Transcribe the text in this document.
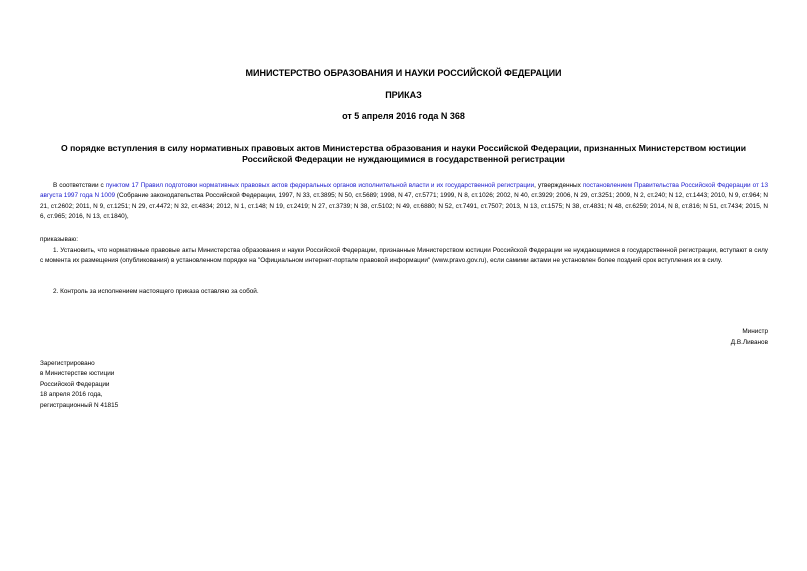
МИНИСТЕРСТВО ОБРАЗОВАНИЯ И НАУКИ РОССИЙСКОЙ ФЕДЕРАЦИИ
ПРИКАЗ
от 5 апреля 2016 года N 368
О порядке вступления в силу нормативных правовых актов Министерства образования и науки Российской Федерации, признанных Министерством юстиции Российской Федерации не нуждающимися в государственной регистрации
В соответствии с пунктом 17 Правил подготовки нормативных правовых актов федеральных органов исполнительной власти и их государственной регистрации, утвержденных постановлением Правительства Российской Федерации от 13 августа 1997 года N 1009 (Собрание законодательства Российской Федерации, 1997, N 33, ст.3895; N 50, ст.5689; 1998, N 47, ст.5771; 1999, N 8, ст.1026; 2002, N 40, ст.3929; 2006, N 29, ст.3251; 2009, N 2, ст.240; N 12, ст.1443; 2010, N 9, ст.964; N 21, ст.2602; 2011, N 9, ст.1251; N 29, ст.4472; N 32, ст.4834; 2012, N 1, ст.148; N 19, ст.2419; N 27, ст.3739; N 38, ст.5102; N 49, ст.6880; N 52, ст.7491, ст.7507; 2013, N 13, ст.1575; N 38, ст.4831; N 48, ст.6259; 2014, N 8, ст.816; N 51, ст.7434; 2015, N 6, ст.965; 2016, N 13, ст.1840),
приказываю:
1. Установить, что нормативные правовые акты Министерства образования и науки Российской Федерации, признанные Министерством юстиции Российской Федерации не нуждающимися в государственной регистрации, вступают в силу с момента их размещения (опубликования) в установленном порядке на "Официальном интернет-портале правовой информации" (www.pravo.gov.ru), если самими актами не установлен более поздний срок вступления их в силу.
2. Контроль за исполнением настоящего приказа оставляю за собой.
Министр
Д.В.Ливанов
Зарегистрировано
в Министерстве юстиции
Российской Федерации
18 апреля 2016 года,
регистрационный N 41815
